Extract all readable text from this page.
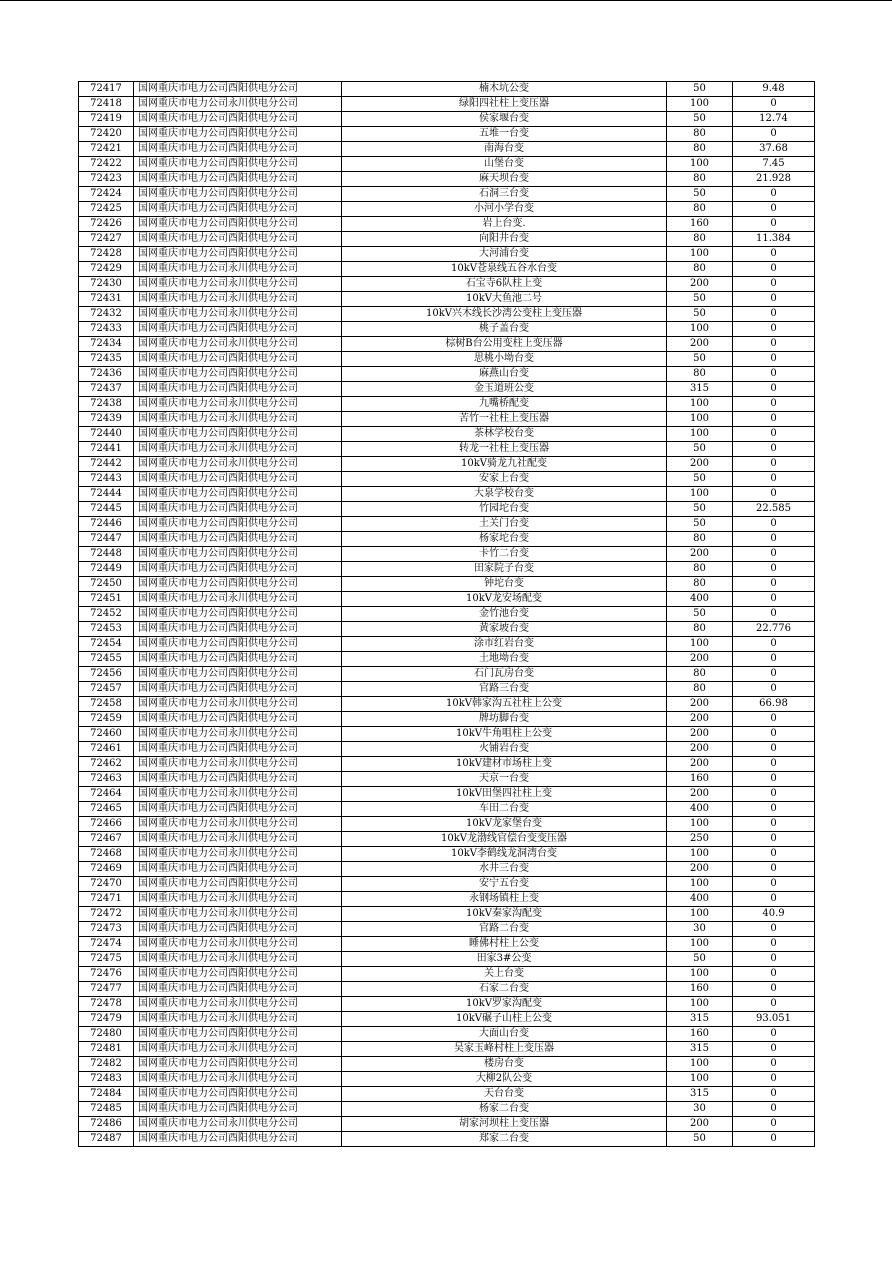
72417	国网重庆市电力公司酉阳供电分公司	楠木坑公变	50	9.48
72418	国网重庆市电力公司永川供电分公司	绿阳四社柱上变压器	100	0
72419	国网重庆市电力公司酉阳供电分公司	侯家堰台变	50	12.74
72420	国网重庆市电力公司酉阳供电分公司	五堆一台变	80	0
72421	国网重庆市电力公司酉阳供电分公司	南海台变	80	37.68
72422	国网重庆市电力公司酉阳供电分公司	山堡台变	100	7.45
72423	国网重庆市电力公司酉阳供电分公司	麻天坝台变	80	21.928
72424	国网重庆市电力公司酉阳供电分公司	石洞三台变	50	0
72425	国网重庆市电力公司酉阳供电分公司	小河小学台变	80	0
72426	国网重庆市电力公司酉阳供电分公司	岩上台变.	160	0
72427	国网重庆市电力公司酉阳供电分公司	向阳井台变	80	11.384
72428	国网重庆市电力公司酉阳供电分公司	大河浦台变	100	0
72429	国网重庆市电力公司永川供电分公司	10kV苍泉线五谷水台变	80	0
72430	国网重庆市电力公司永川供电分公司	石宝寺6队柱上变	200	0
72431	国网重庆市电力公司永川供电分公司	10kV大鱼池二号	50	0
72432	国网重庆市电力公司永川供电分公司	10kV兴木线长沙湾公变柱上变压器	50	0
72433	国网重庆市电力公司酉阳供电分公司	桃子盖台变	100	0
72434	国网重庆市电力公司永川供电分公司	棕树B台公用变柱上变压器	200	0
72435	国网重庆市电力公司酉阳供电分公司	思桃小坳台变	50	0
72436	国网重庆市电力公司酉阳供电分公司	麻燕山台变	80	0
72437	国网重庆市电力公司酉阳供电分公司	金玉道班公变	315	0
72438	国网重庆市电力公司永川供电分公司	九嘴桥配变	100	0
72439	国网重庆市电力公司永川供电分公司	苦竹一社柱上变压器	100	0
72440	国网重庆市电力公司酉阳供电分公司	茶林学校台变	100	0
72441	国网重庆市电力公司永川供电分公司	转龙一社柱上变压器	50	0
72442	国网重庆市电力公司永川供电分公司	10kV骑龙九社配变	200	0
72443	国网重庆市电力公司酉阳供电分公司	安家上台变	50	0
72444	国网重庆市电力公司酉阳供电分公司	大泉学校台变	100	0
72445	国网重庆市电力公司酉阳供电分公司	竹园坨台变	50	22.585
72446	国网重庆市电力公司酉阳供电分公司	土关门台变	50	0
72447	国网重庆市电力公司酉阳供电分公司	杨家坨台变	80	0
72448	国网重庆市电力公司酉阳供电分公司	卡竹二台变	200	0
72449	国网重庆市电力公司酉阳供电分公司	田家院子台变	80	0
72450	国网重庆市电力公司酉阳供电分公司	钟坨台变	80	0
72451	国网重庆市电力公司永川供电分公司	10kV龙安场配变	400	0
72452	国网重庆市电力公司酉阳供电分公司	金竹池台变	50	0
72453	国网重庆市电力公司酉阳供电分公司	黄家坡台变	80	22.776
72454	国网重庆市电力公司酉阳供电分公司	涂市红岩台变	100	0
72455	国网重庆市电力公司酉阳供电分公司	土地坳台变	200	0
72456	国网重庆市电力公司酉阳供电分公司	石门瓦房台变	80	0
72457	国网重庆市电力公司酉阳供电分公司	官路三台变	80	0
72458	国网重庆市电力公司永川供电分公司	10kV韩家沟五社柱上公变	200	66.98
72459	国网重庆市电力公司酉阳供电分公司	牌坊脚台变	200	0
72460	国网重庆市电力公司永川供电分公司	10kV牛角咀柱上公变	200	0
72461	国网重庆市电力公司酉阳供电分公司	火铺岩台变	200	0
72462	国网重庆市电力公司永川供电分公司	10kV建材市场柱上变	200	0
72463	国网重庆市电力公司酉阳供电分公司	天京一台变	160	0
72464	国网重庆市电力公司永川供电分公司	10kV田堡四社柱上变	200	0
72465	国网重庆市电力公司酉阳供电分公司	车田二台变	400	0
72466	国网重庆市电力公司永川供电分公司	10kV龙家堡台变	100	0
72467	国网重庆市电力公司永川供电分公司	10kV龙渤线官偿台变变压器	250	0
72468	国网重庆市电力公司永川供电分公司	10kV李鹤线龙洞湾台变	100	0
72469	国网重庆市电力公司酉阳供电分公司	水井三台变	200	0
72470	国网重庆市电力公司酉阳供电分公司	安宁五台变	100	0
72471	国网重庆市电力公司永川供电分公司	永钢场镇柱上变	400	0
72472	国网重庆市电力公司永川供电分公司	10kV秦家沟配变	100	40.9
72473	国网重庆市电力公司酉阳供电分公司	官路二台变	30	0
72474	国网重庆市电力公司永川供电分公司	睡佛村柱上公变	100	0
72475	国网重庆市电力公司永川供电分公司	田家3#公变	50	0
72476	国网重庆市电力公司酉阳供电分公司	关上台变	100	0
72477	国网重庆市电力公司酉阳供电分公司	石家二台变	160	0
72478	国网重庆市电力公司永川供电分公司	10kV罗家沟配变	100	0
72479	国网重庆市电力公司永川供电分公司	10kV碾子山柱上公变	315	93.051
72480	国网重庆市电力公司酉阳供电分公司	大面山台变	160	0
72481	国网重庆市电力公司永川供电分公司	吴家玉峰村柱上变压器	315	0
72482	国网重庆市电力公司酉阳供电分公司	楼房台变	100	0
72483	国网重庆市电力公司永川供电分公司	大柳2队公变	100	0
72484	国网重庆市电力公司酉阳供电分公司	天台台变	315	0
72485	国网重庆市电力公司酉阳供电分公司	杨家二台变	30	0
72486	国网重庆市电力公司永川供电分公司	胡家河坝柱上变压器	200	0
72487	国网重庆市电力公司酉阳供电分公司	郑家二台变	50	0
